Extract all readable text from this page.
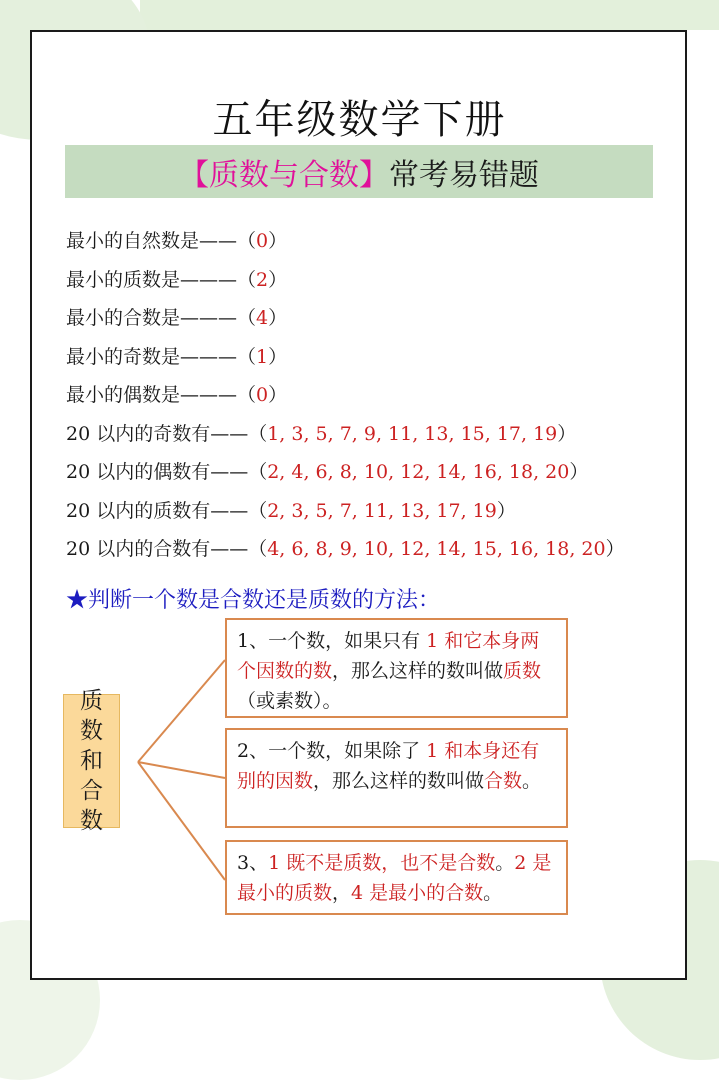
五年级数学下册
【质数与合数】 常考易错题
最小的自然数是——（0）
最小的质数是———（2）
最小的合数是———（4）
最小的奇数是———（1）
最小的偶数是———（0）
20 以内的奇数有——（1, 3, 5, 7, 9, 11, 13, 15, 17, 19）
20 以内的偶数有——（2, 4, 6, 8, 10, 12, 14, 16, 18, 20）
20 以内的质数有——（2, 3, 5, 7, 11, 13, 17, 19）
20 以内的合数有——（4, 6, 8, 9, 10, 12, 14, 15, 16, 18, 20）
★判断一个数是合数还是质数的方法：
质
数
和
合
数
1、一个数，如果只有 1 和它本身两个因数的数，那么这样的数叫做质数（或素数）。
2、一个数，如果除了 1 和本身还有别的因数，那么这样的数叫做合数。
3、1 既不是质数，也不是合数。2 是最小的质数，4 是最小的合数。
